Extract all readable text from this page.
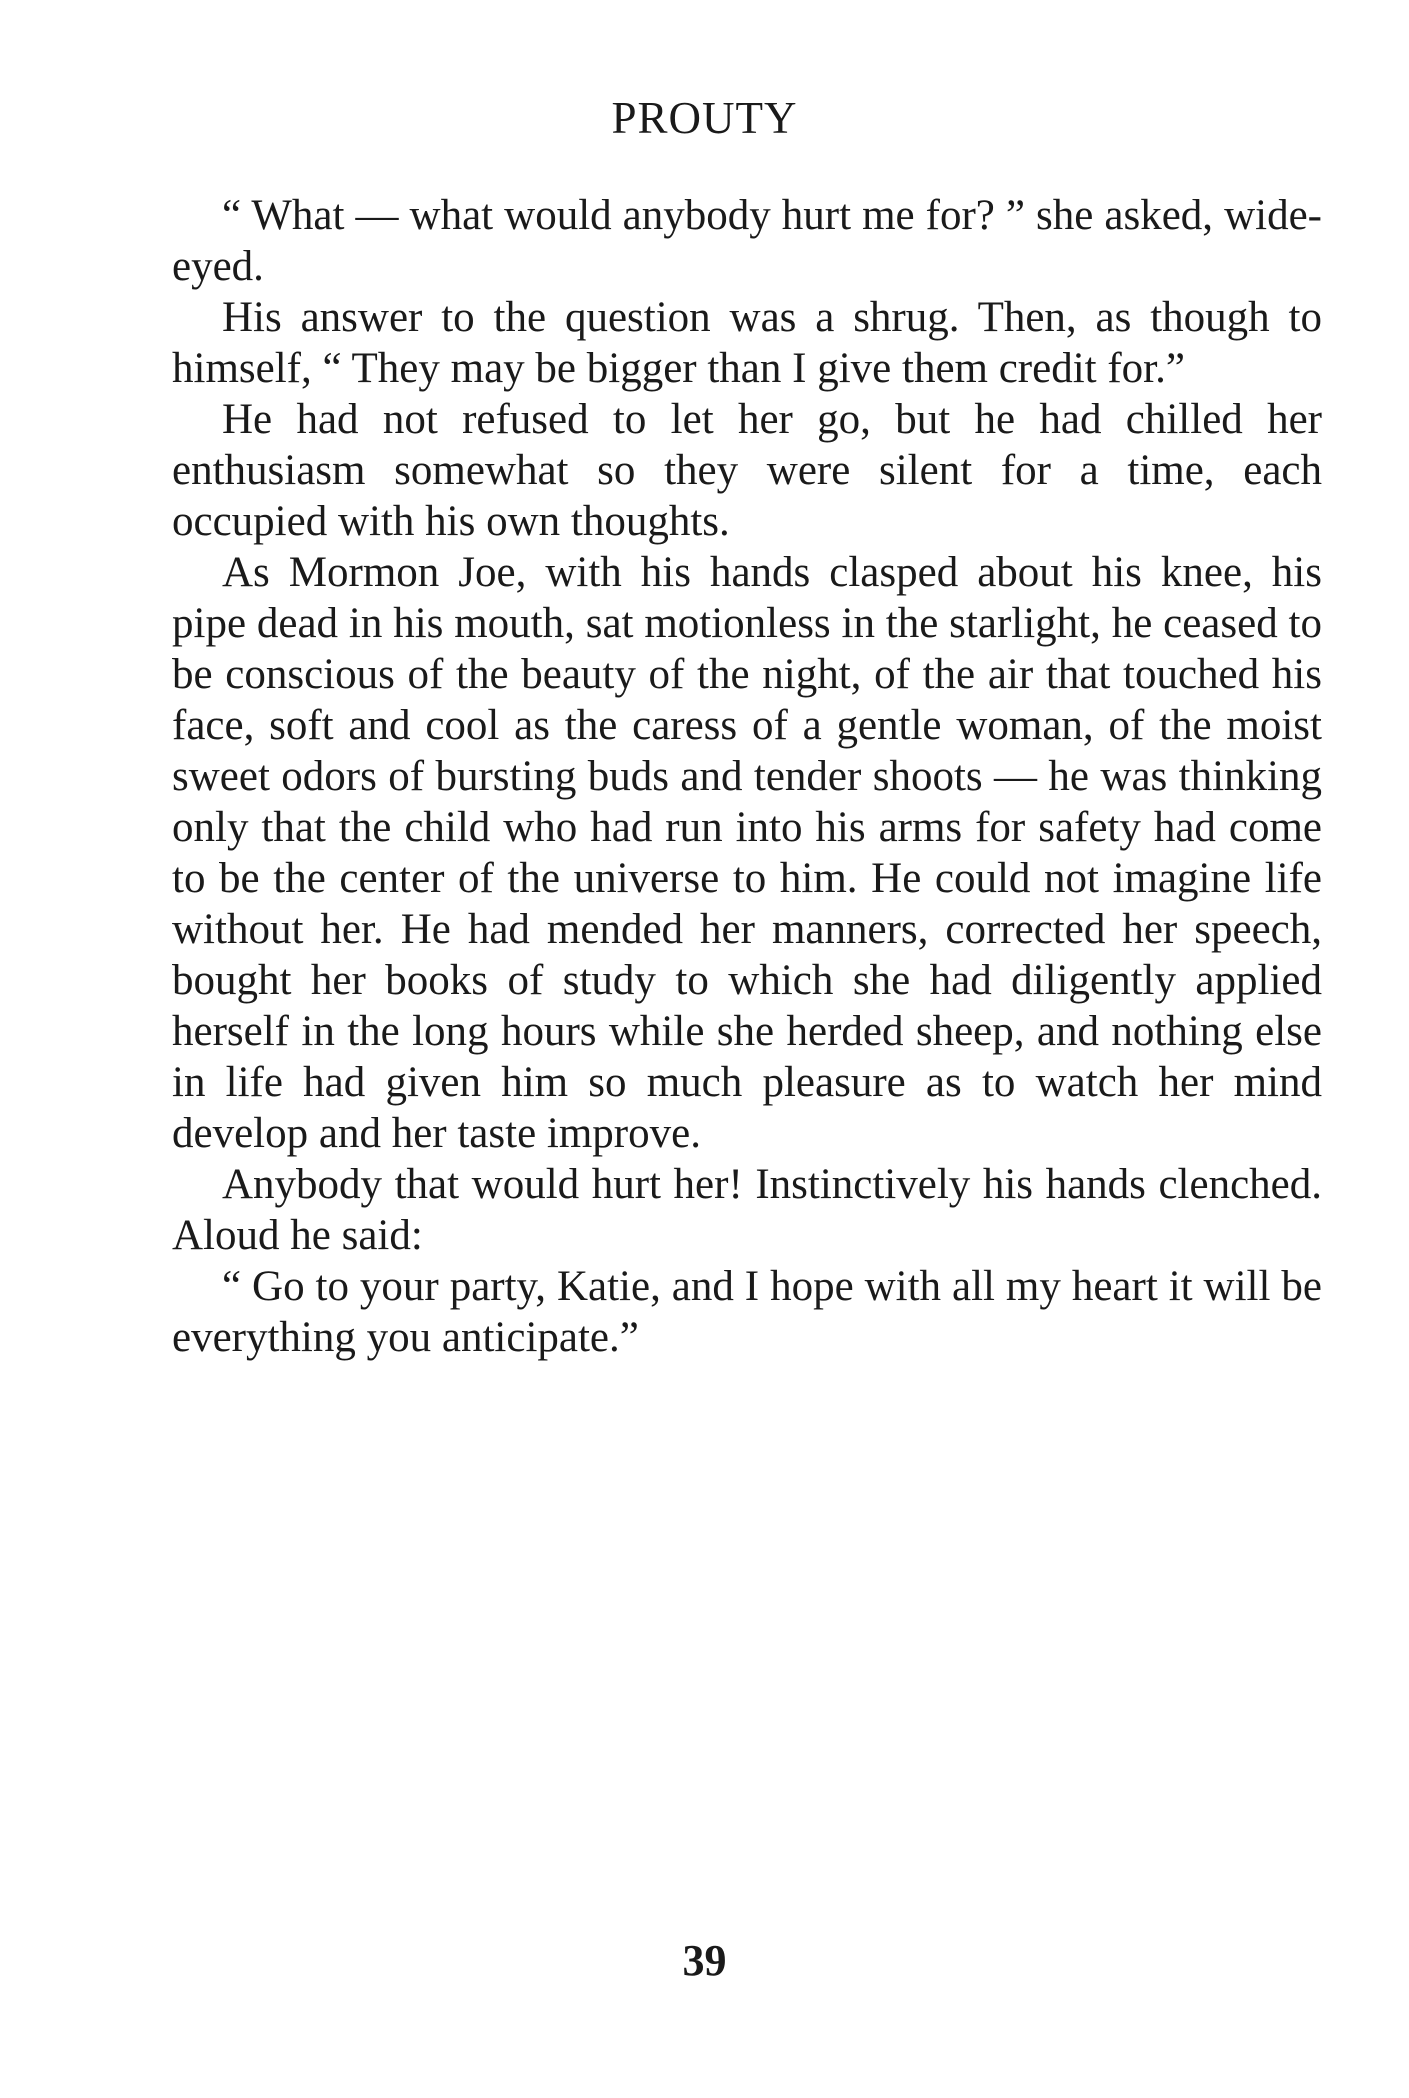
PROUTY

“ What — what would anybody hurt me for? ” she asked, wide-eyed.

His answer to the question was a shrug. Then, as though to himself, “ They may be bigger than I give them credit for.”

He had not refused to let her go, but he had chilled her enthusiasm somewhat so they were silent for a time, each occupied with his own thoughts.

As Mormon Joe, with his hands clasped about his knee, his pipe dead in his mouth, sat motionless in the starlight, he ceased to be conscious of the beauty of the night, of the air that touched his face, soft and cool as the caress of a gentle woman, of the moist sweet odors of bursting buds and tender shoots — he was thinking only that the child who had run into his arms for safety had come to be the center of the universe to him. He could not imagine life without her. He had mended her manners, corrected her speech, bought her books of study to which she had diligently applied herself in the long hours while she herded sheep, and nothing else in life had given him so much pleasure as to watch her mind develop and her taste improve.

Anybody that would hurt her! Instinctively his hands clenched. Aloud he said:

“ Go to your party, Katie, and I hope with all my heart it will be everything you anticipate.”

39
